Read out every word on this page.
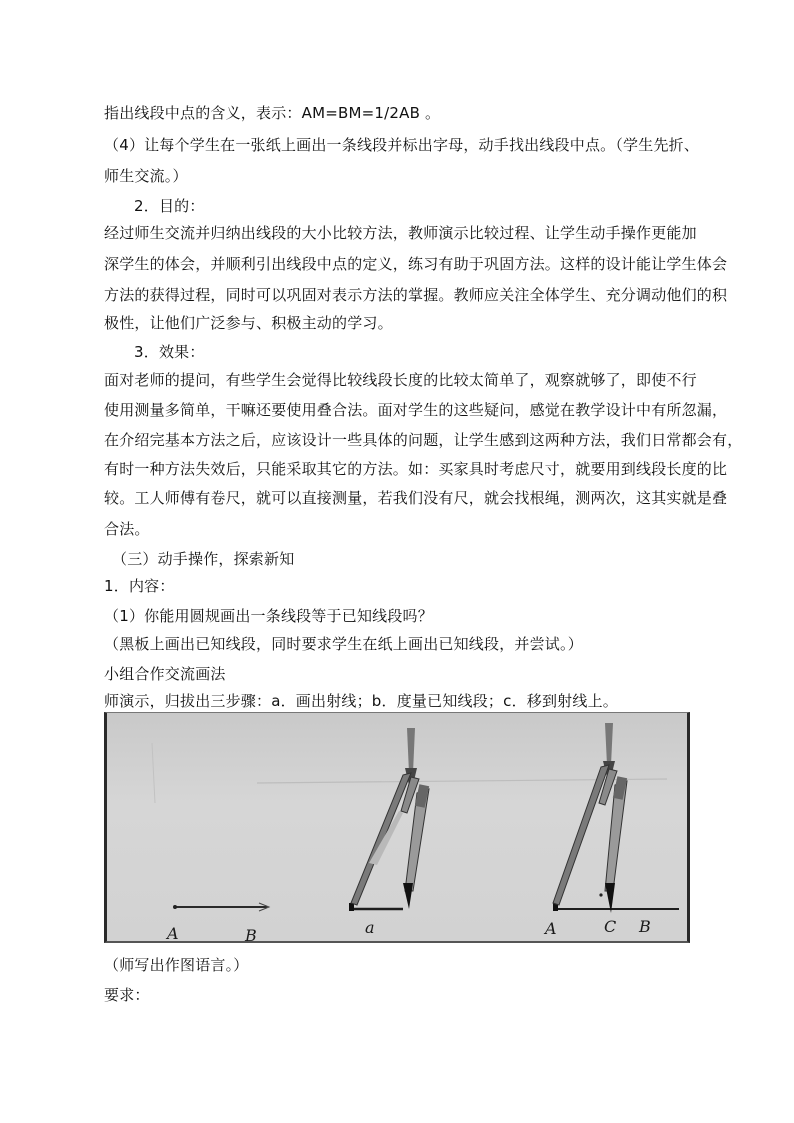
指出线段中点的含义，表示：AM=BM=1/2AB 。
（4）让每个学生在一张纸上画出一条线段并标出字母，动手找出线段中点。（学生先折、
师生交流。）
2．目的：
经过师生交流并归纳出线段的大小比较方法，教师演示比较过程、让学生动手操作更能加
深学生的体会，并顺利引出线段中点的定义，练习有助于巩固方法。这样的设计能让学生体会
方法的获得过程，同时可以巩固对表示方法的掌握。教师应关注全体学生、充分调动他们的积
极性，让他们广泛参与、积极主动的学习。
3．效果：
面对老师的提问，有些学生会觉得比较线段长度的比较太简单了，观察就够了，即使不行
使用测量多简单，干嘛还要使用叠合法。面对学生的这些疑问，感觉在教学设计中有所忽漏，
在介绍完基本方法之后，应该设计一些具体的问题，让学生感到这两种方法，我们日常都会有，
有时一种方法失效后，只能采取其它的方法。如：买家具时考虑尺寸，就要用到线段长度的比
较。工人师傅有卷尺，就可以直接测量，若我们没有尺，就会找根绳，测两次，这其实就是叠
合法。
（三）动手操作，探索新知
1．内容：
（1）你能用圆规画出一条线段等于已知线段吗？
（黑板上画出已知线段，同时要求学生在纸上画出已知线段，并尝试。）
小组合作交流画法
师演示，归拔出三步骤：a．画出射线；b．度量已知线段；c．移到射线上。
A	B	a	A	C B
（师写出作图语言。）
要求：
